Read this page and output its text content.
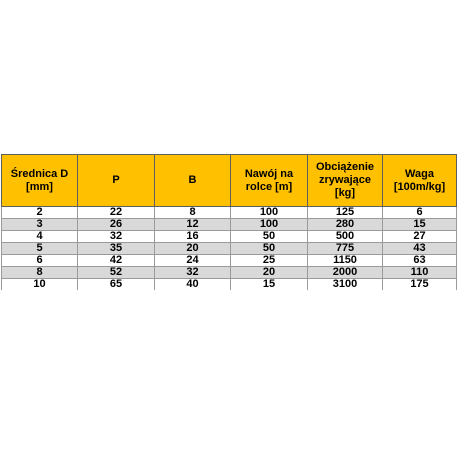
Średnica D [mm]	P	B	Nawój na rolce [m]	Obciążenie zrywające [kg]	Waga [100m/kg]
2	22	8	100	125	6
3	26	12	100	280	15
4	32	16	50	500	27
5	35	20	50	775	43
6	42	24	25	1150	63
8	52	32	20	2000	110
10	65	40	15	3100	175
